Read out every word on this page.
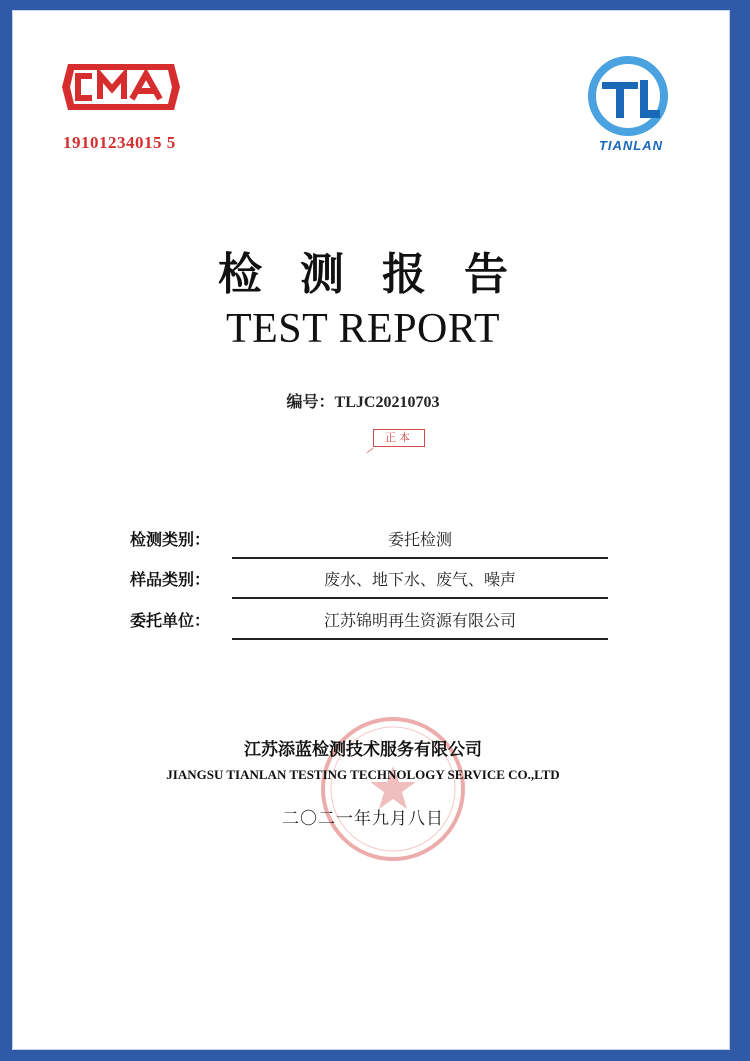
19101234015 5	TIANLAN
检测报告
TEST REPORT
编号：TLJC20210703
正本
检测类别：	委托检测
样品类别：	废水、地下水、废气、噪声
委托单位：	江苏锦明再生资源有限公司
江苏添蓝检测技术服务有限公司
JIANGSU TIANLAN TESTING TECHNOLOGY SERVICE CO.,LTD
二〇二一年九月八日
